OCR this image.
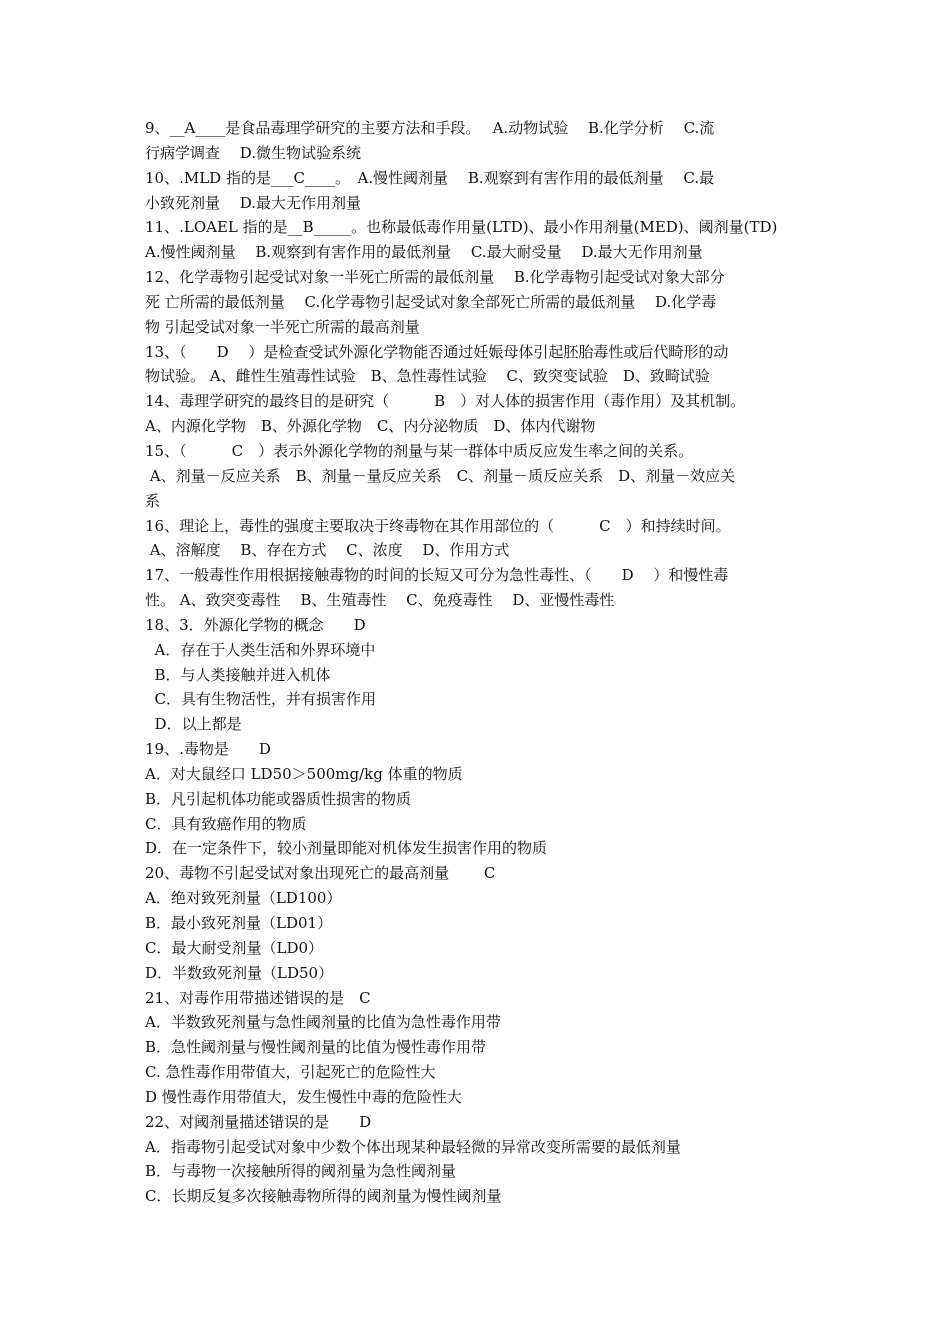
9、__A____是食品毒理学研究的主要方法和手段。　 A.动物试验　 B.化学分析　 C.流
行病学调查　 D.微生物试验系统
10、.MLD 指的是___C____。　A.慢性阈剂量　 B.观察到有害作用的最低剂量　 C.最
小致死剂量　 D.最大无作用剂量
11、.LOAEL 指的是__B_____。也称最低毒作用量(LTD)、最小作用剂量(MED)、阈剂量(TD)
A.慢性阈剂量　 B.观察到有害作用的最低剂量　 C.最大耐受量　 D.最大无作用剂量
12、化学毒物引起受试对象一半死亡所需的最低剂量　 B.化学毒物引起受试对象大部分
死 亡所需的最低剂量　 C.化学毒物引起受试对象全部死亡所需的最低剂量　 D.化学毒
物 引起受试对象一半死亡所需的最高剂量
13、（　　D　 ）是检查受试外源化学物能否通过妊娠母体引起胚胎毒性或后代畸形的动
物试验。 A、雌性生殖毒性试验　B、急性毒性试验　 C、致突变试验　D、致畸试验
14、毒理学研究的最终目的是研究（　　　B　）对人体的损害作用（毒作用）及其机制。
A、内源化学物　B、外源化学物　C、内分泌物质　D、体内代谢物
15、（　　　C　）表示外源化学物的剂量与某一群体中质反应发生率之间的关系。
A、剂量－反应关系　B、剂量－量反应关系　C、剂量－质反应关系　D、剂量－效应关
系
16、理论上，毒性的强度主要取决于终毒物在其作用部位的（　　　C　）和持续时间。
A、溶解度　 B、存在方式　 C、浓度　 D、作用方式
17、一般毒性作用根据接触毒物的时间的长短又可分为急性毒性、（　　D　 ）和慢性毒
性。 A、致突变毒性　 B、生殖毒性　 C、免疫毒性　 D、亚慢性毒性
18、3．外源化学物的概念　　D
A．存在于人类生活和外界环境中
B．与人类接触并进入机体
C．具有生物活性，并有损害作用
D．以上都是
19、.毒物是　　D
A．对大鼠经口 LD50＞500mg/kg 体重的物质
B．凡引起机体功能或器质性损害的物质
C．具有致癌作用的物质
D．在一定条件下，较小剂量即能对机体发生损害作用的物质
20、毒物不引起受试对象出现死亡的最高剂量　　 C
A．绝对致死剂量（LD100）
B．最小致死剂量（LD01）
C．最大耐受剂量（LD0）
D．半数致死剂量（LD50）
21、对毒作用带描述错误的是　C
A．半数致死剂量与急性阈剂量的比值为急性毒作用带
B．急性阈剂量与慢性阈剂量的比值为慢性毒作用带
C. 急性毒作用带值大，引起死亡的危险性大
D 慢性毒作用带值大，发生慢性中毒的危险性大
22、对阈剂量描述错误的是　　D
A．指毒物引起受试对象中少数个体出现某种最轻微的异常改变所需要的最低剂量
B．与毒物一次接触所得的阈剂量为急性阈剂量
C．长期反复多次接触毒物所得的阈剂量为慢性阈剂量
